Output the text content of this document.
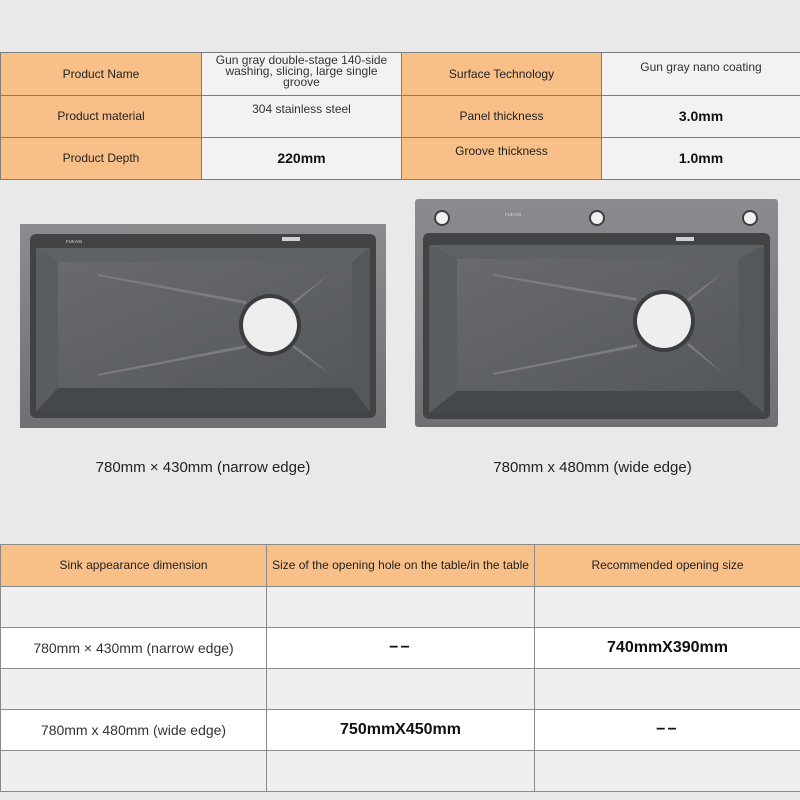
Product Name	Gun gray double-stage 140-side washing, slicing, large single groove	Surface Technology	Gun gray nano coating
Product material	304 stainless steel	Panel thickness	3.0mm
Product Depth	220mm	Groove thickness	1.0mm
FUKASI
780mm × 430mm (narrow edge)
FUKASI
780mm x 480mm (wide edge)
Sink appearance dimension	Size of the opening hole on the table/in the table	Recommended opening size

780mm × 430mm (narrow edge)	−−	740mmX390mm

780mm x 480mm (wide edge)	750mmX450mm	−−
